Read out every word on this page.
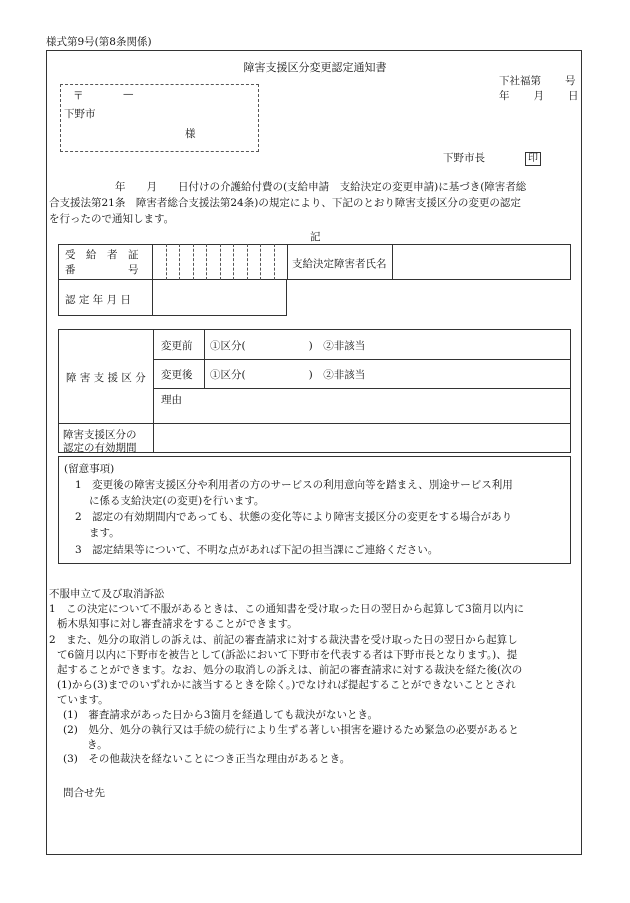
様式第9号(第8条関係)
障害支援区分変更認定通知書
下社福第 号
年 月 日
〒	—
下野市
様
下野市長	印
年　　月　　日付けの介護給付費の(支給申請　支給決定の変更申請)に基づき(障害者総
合支援法第21条　障害者総合支援法第24条)の規定により、下記のとおり障害支援区分の変更の認定
を行ったので通知します。
記
受　給　者　証
番　　　　　号	支給決定障害者氏名
認 定 年 月 日
障 害 支 援 区 分
変更前 ①区分(　　　　　　)　②非該当
変更後 ①区分(　　　　　　)　②非該当
理由
障害支援区分の
認定の有効期間
(留意事項)
1　変更後の障害支援区分や利用者の方のサービスの利用意向等を踏まえ、別途サービス利用
に係る支給決定(の変更)を行います。
2　認定の有効期間内であっても、状態の変化等により障害支援区分の変更をする場合があり
ます。
3　認定結果等について、不明な点があれば下記の担当課にご連絡ください。
不服申立て及び取消訴訟
1　この決定について不服があるときは、この通知書を受け取った日の翌日から起算して3箇月以内に
栃木県知事に対し審査請求をすることができます。
2　また、処分の取消しの訴えは、前記の審査請求に対する裁決書を受け取った日の翌日から起算し
て6箇月以内に下野市を被告として(訴訟において下野市を代表する者は下野市長となります。)、提
起することができます。なお、処分の取消しの訴えは、前記の審査請求に対する裁決を経た後(次の
(1)から(3)までのいずれかに該当するときを除く。)でなければ提起することができないこととされ
ています。
(1)　審査請求があった日から3箇月を経過しても裁決がないとき。
(2)　処分、処分の執行又は手続の続行により生ずる著しい損害を避けるため緊急の必要があると
き。
(3)　その他裁決を経ないことにつき正当な理由があるとき。
問合せ先
